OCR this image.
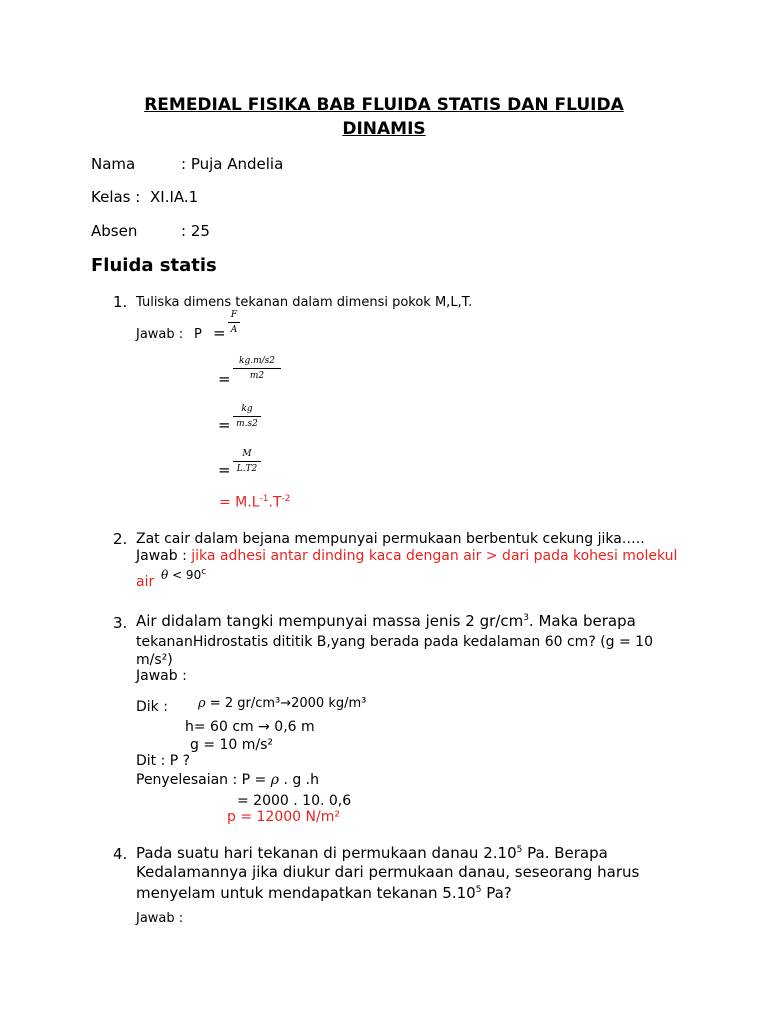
REMEDIAL FISIKA BAB FLUIDA STATIS DAN FLUIDA
DINAMIS
Nama	: Puja Andelia
Kelas : XI.IA.1
Absen	: 25
Fluida statis
1. Tuliska dimens tekanan dalam dimensi pokok M,L,T.
Jawab : P =
F
A
=
kg.m/s2
m2
=
kg
m.s2
=
M
L.T2
= $M.L^{-1}.T^{-2}$
2. Zat cair dalam bejana mempunyai permukaan berbentuk cekung jika…..
Jawab : jika adhesi antar dinding kaca dengan air > dari pada kohesi molekul
air $\theta < 90^c$
3. Air didalam tangki mempunyai massa jenis 2 $gr/cm^3$. Maka berapa
tekananHidrostatis dititik B,yang berada pada kedalaman 60 cm? (g = 10
m/s²)
Jawab :
Dik : ρ = 2 gr/cm³→2000 kg/m³
h= 60 cm → 0,6 m
g = 10 m/s²
Dit : P ?
Penyelesaian : P = ρ . g .h
= 2000 . 10. 0,6
p = 12000 N/m²
4. Pada suatu hari tekanan di permukaan danau 2.10$^5$ Pa. Berapa
Kedalamannya jika diukur dari permukaan danau, seseorang harus
menyelam untuk mendapatkan tekanan 5.10$^5$ Pa?
Jawab :
